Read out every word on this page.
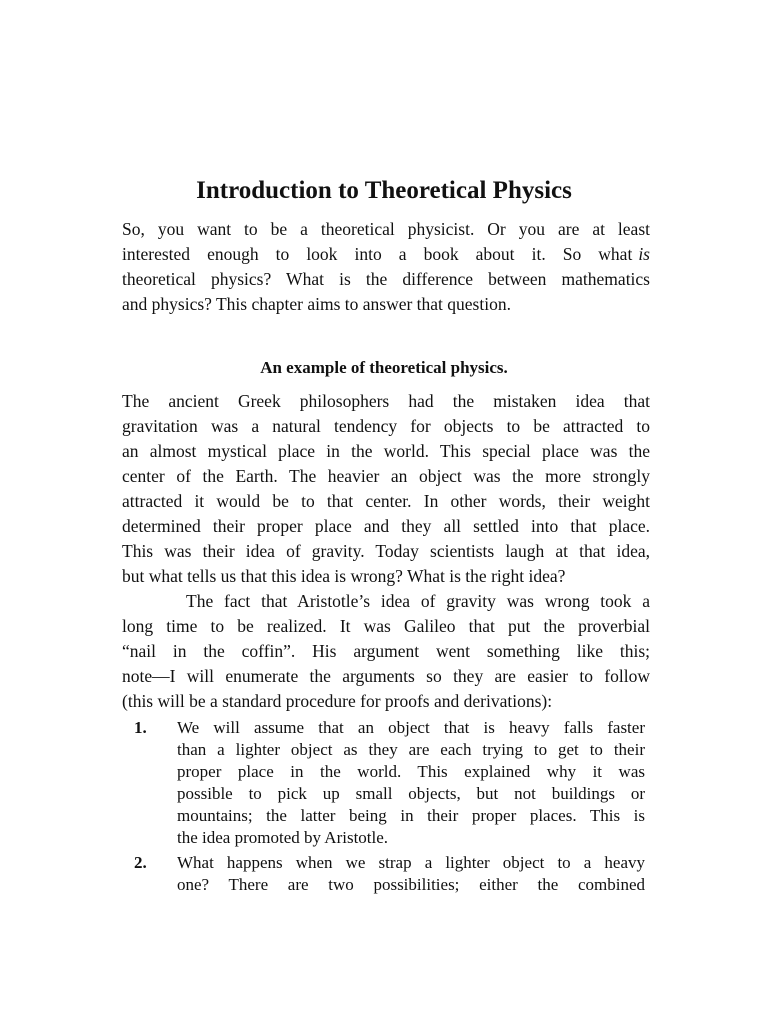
Introduction to Theoretical Physics
So, you want to be a theoretical physicist. Or you are at least
interested enough to look into a book about it. So what is
theoretical physics? What is the difference between mathematics
and physics? This chapter aims to answer that question.
An example of theoretical physics.
The ancient Greek philosophers had the mistaken idea that
gravitation was a natural tendency for objects to be attracted to
an almost mystical place in the world. This special place was the
center of the Earth. The heavier an object was the more strongly
attracted it would be to that center. In other words, their weight
determined their proper place and they all settled into that place.
This was their idea of gravity. Today scientists laugh at that idea,
but what tells us that this idea is wrong? What is the right idea?
The fact that Aristotle’s idea of gravity was wrong took a
long time to be realized. It was Galileo that put the proverbial
“nail in the coffin”. His argument went something like this;
note—I will enumerate the arguments so they are easier to follow
(this will be a standard procedure for proofs and derivations):
1. We will assume that an object that is heavy falls faster
than a lighter object as they are each trying to get to their
proper place in the world. This explained why it was
possible to pick up small objects, but not buildings or
mountains; the latter being in their proper places. This is
the idea promoted by Aristotle.
2. What happens when we strap a lighter object to a heavy
one? There are two possibilities; either the combined
